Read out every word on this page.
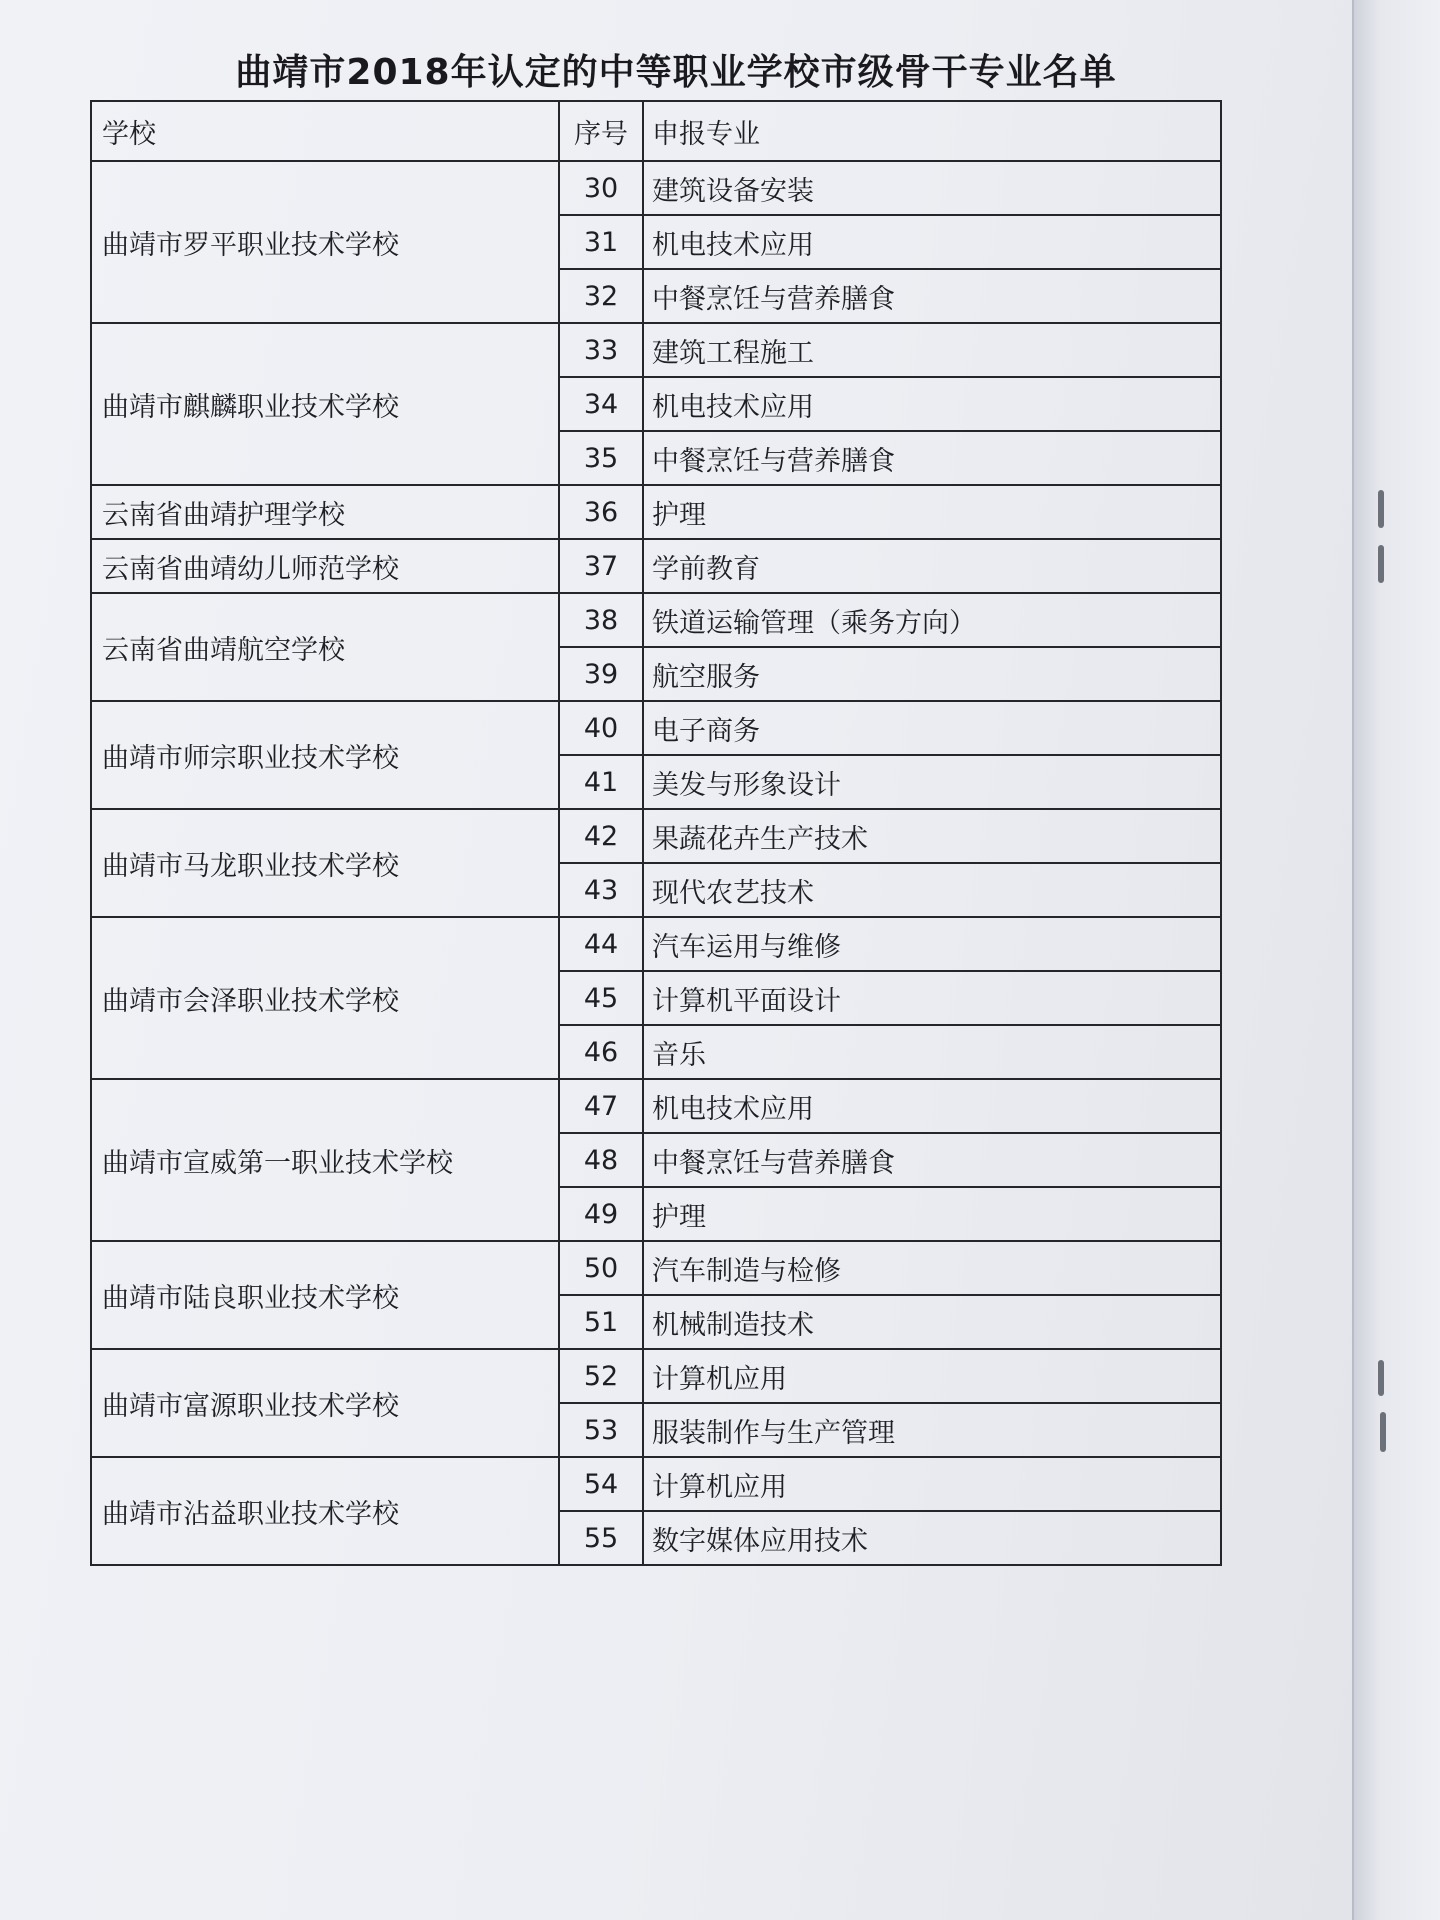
曲靖市2018年认定的中等职业学校市级骨干专业名单
学校	序号	申报专业
曲靖市罗平职业技术学校	30	建筑设备安装
	31	机电技术应用
	32	中餐烹饪与营养膳食
曲靖市麒麟职业技术学校	33	建筑工程施工
	34	机电技术应用
	35	中餐烹饪与营养膳食
云南省曲靖护理学校	36	护理
云南省曲靖幼儿师范学校	37	学前教育
云南省曲靖航空学校	38	铁道运输管理（乘务方向）
	39	航空服务
曲靖市师宗职业技术学校	40	电子商务
	41	美发与形象设计
曲靖市马龙职业技术学校	42	果蔬花卉生产技术
	43	现代农艺技术
曲靖市会泽职业技术学校	44	汽车运用与维修
	45	计算机平面设计
	46	音乐
曲靖市宣威第一职业技术学校	47	机电技术应用
	48	中餐烹饪与营养膳食
	49	护理
曲靖市陆良职业技术学校	50	汽车制造与检修
	51	机械制造技术
曲靖市富源职业技术学校	52	计算机应用
	53	服装制作与生产管理
曲靖市沾益职业技术学校	54	计算机应用
	55	数字媒体应用技术
